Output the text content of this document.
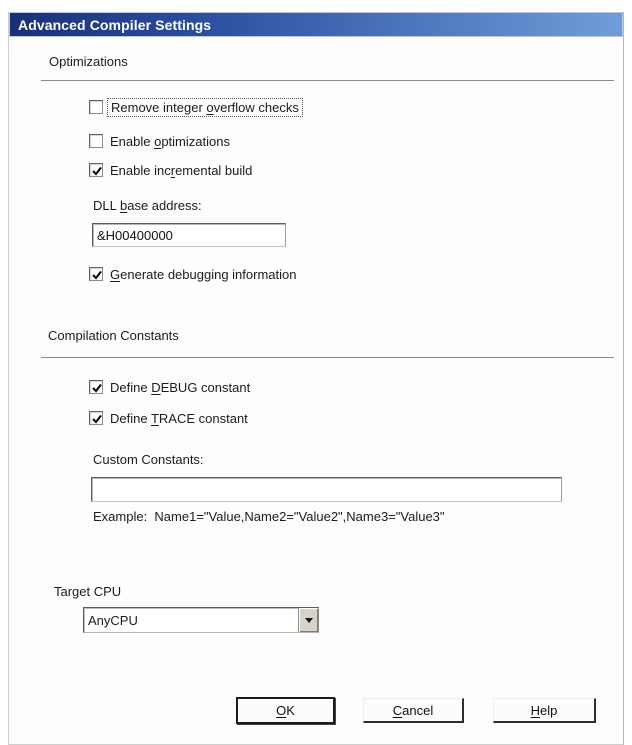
Advanced Compiler Settings
Optimizations
Remove integer overflow checks
Enable optimizations
Enable incremental build
DLL base address:
&H00400000
Generate debugging information
Compilation Constants
Define DEBUG constant
Define TRACE constant
Custom Constants:
Example:  Name1="Value,Name2="Value2",Name3="Value3"
Target CPU
AnyCPU
O K	C ancel	H elp
